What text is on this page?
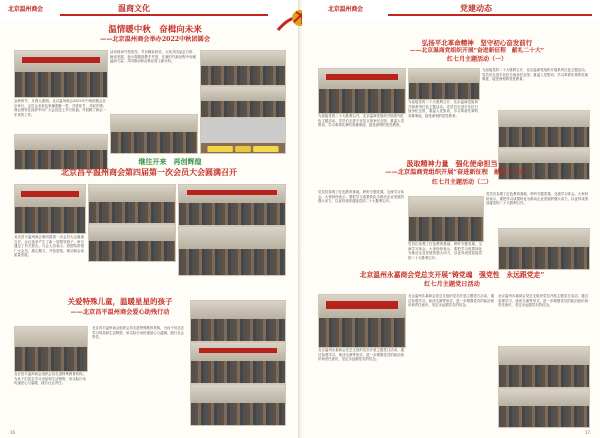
北京温州商会	温商文化
温情暖中秋　奋楫向未来
——北京温州商会举办2022中秋团圆会
金秋时节，月圆人团圆。北京温州商会2022年中秋团圆会在京举行，会员企业家及家属欢聚一堂，共度佳节，共叙乡情。商会领导在致辞中向广大会员送上节日祝福，并回顾了商会一年来的工作。
活动现场气氛热烈，节目精彩纷呈，大家共同品尝月饼，畅谈发展，表示将继续携手并进，在新时代新征程中贡献温商力量，共同推动商会事业再上新台阶。
继往开来　再创辉煌
北京昌平温州商会第四届第一次会员大会圆满召开
北京昌平温州商会第四届第一次会员大会隆重召开，会议选举产生了新一届领导班子，审议通过了有关报告。与会人员表示，将团结带领广大会员，凝心聚力，开拓进取，推动商会高质量发展。
关爱特殊儿童，温暖星星的孩子
——北京昌平温州商会爱心助残行动
北京昌平温州商会组织会员走进特殊教育机构，为孩子们送去学习用品和生活物资，用实际行动传递爱心与温暖，践行社会责任。
北京昌平温州商会组织会员走进特殊教育机构，为孩子们送去学习用品和生活物资，用实际行动传递爱心与温暖，践行社会责任。
16
北京温州商会	党建动态
弘扬平北革命精神　坚守初心奋发前行
——北京温商党组织开展“奋进新征程　献礼二十大”
红七月主题活动（一）
为迎接党的二十大胜利召开，北京温商党组织开展系列红色主题活动。党员们走进平北抗日战争纪念馆，重温入党誓词，学习革命先辈的英雄事迹，接受深刻的党性教育。
为迎接党的二十大胜利召开，北京温商党组织开展系列红色主题活动。党员们走进平北抗日战争纪念馆，重温入党誓词，学习革命先辈的英雄事迹，接受深刻的党性教育。
为迎接党的二十大胜利召开，北京温商党组织开展系列红色主题活动。党员们走进平北抗日战争纪念馆，重温入党誓词，学习革命先辈的英雄事迹，接受深刻的党性教育。
汲取精神力量　强化使命担当
——北京温商党组织开展“奋进新征程　献礼二十大”
红七月主题活动（二）
党员们参观了红色教育基地，聆听专题党课，交流学习体会。大家纷纷表示，要把学习成果转化为推动企业发展的强大动力，以优异成绩迎接党的二十大胜利召开。
党员们参观了红色教育基地，聆听专题党课，交流学习体会。大家纷纷表示，要把学习成果转化为推动企业发展的强大动力，以优异成绩迎接党的二十大胜利召开。
党员们参观了红色教育基地，聆听专题党课，交流学习体会。大家纷纷表示，要把学习成果转化为推动企业发展的强大动力，以优异成绩迎接党的二十大胜利召开。
北京温州永嘉商会党总支开展“铸党魂　强党性　永远跟党走”
红七月主题党日活动
北京温州永嘉商会党总支组织党员开展主题党日活动，通过参观学习、座谈交流等形式，进一步增强党员的政治意识和责任意识，坚定永远跟党走的信念。
北京温州永嘉商会党总支组织党员开展主题党日活动，通过参观学习、座谈交流等形式，进一步增强党员的政治意识和责任意识，坚定永远跟党走的信念。
北京温州永嘉商会党总支组织党员开展主题党日活动，通过参观学习、座谈交流等形式，进一步增强党员的政治意识和责任意识，坚定永远跟党走的信念。
17
